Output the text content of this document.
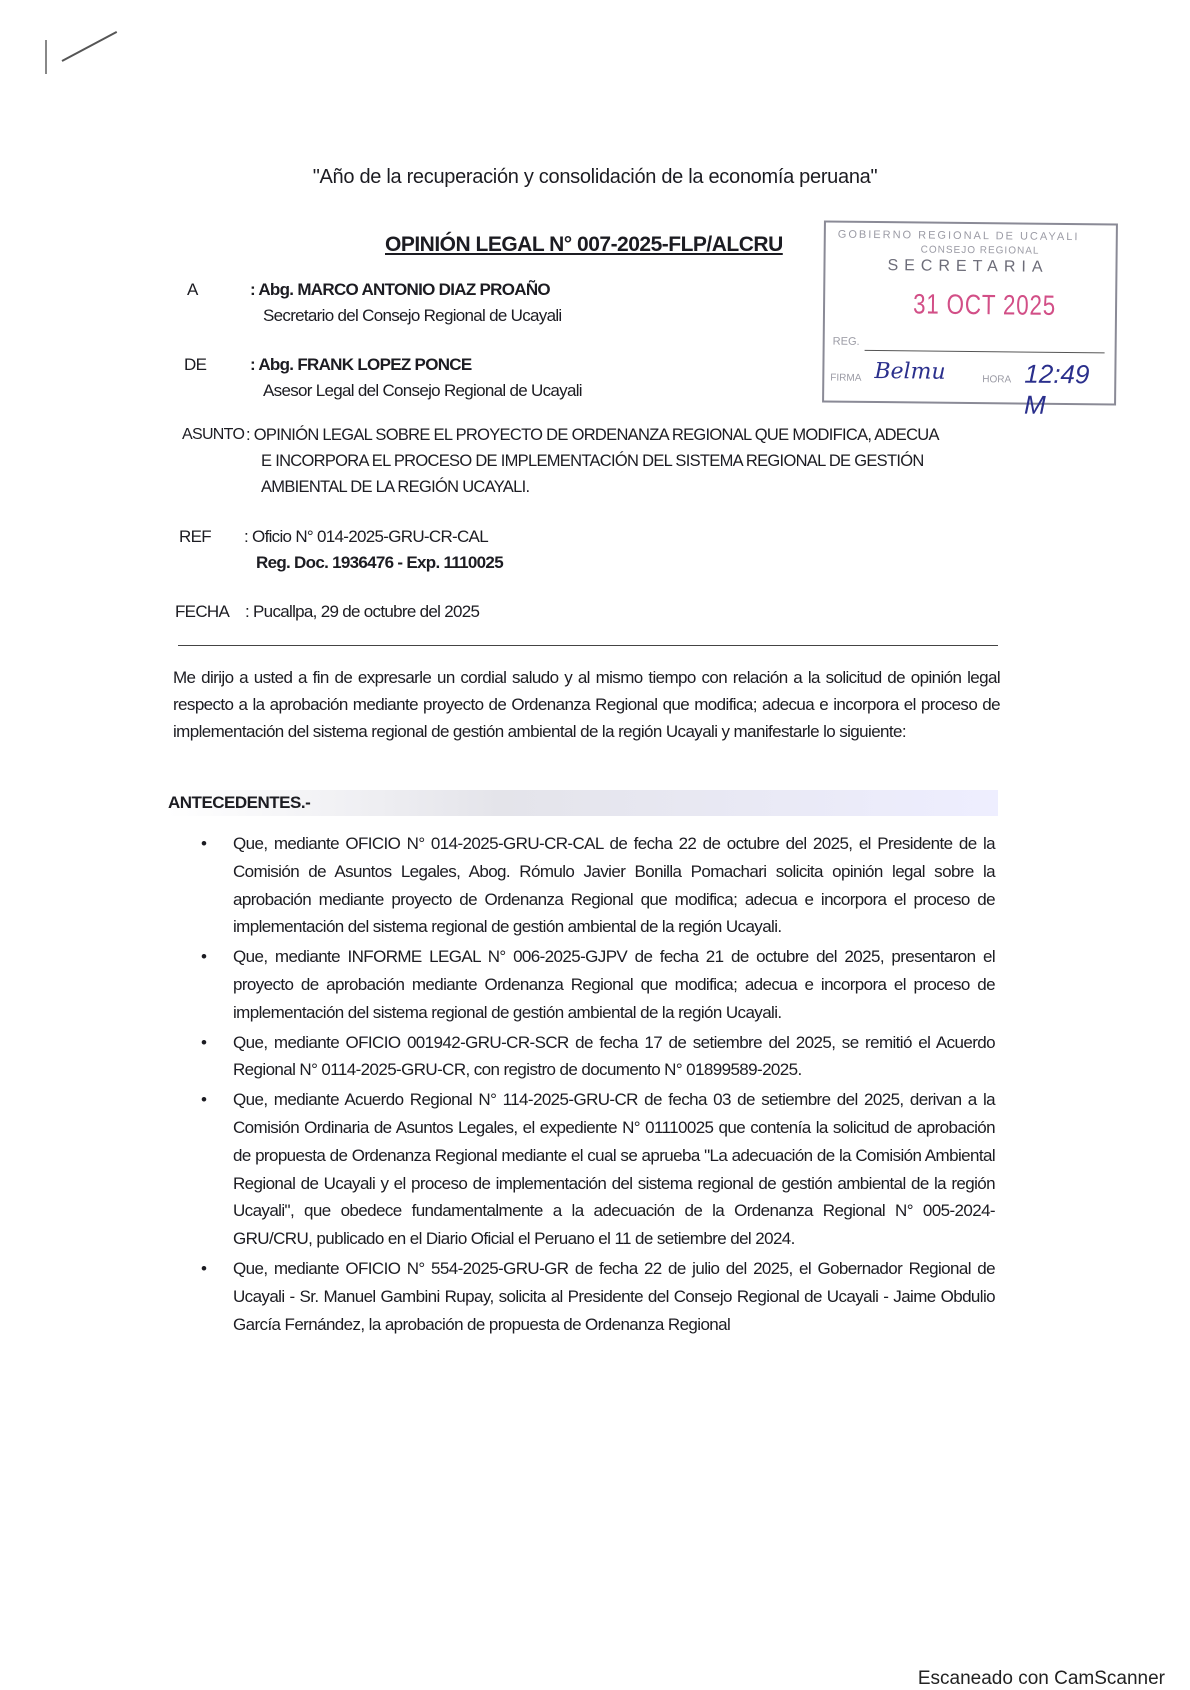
"Año de la recuperación y consolidación de la economía peruana"
OPINIÓN LEGAL N° 007-2025-FLP/ALCRU	GOBIERNO REGIONAL DE UCAYALI
CONSEJO REGIONAL
SECRETARIA
31 OCT 2025
REG.
FIRMA Belmu	HORA 12:49 M
A	: Abg. MARCO ANTONIO DIAZ PROAÑO
Secretario del Consejo Regional de Ucayali
DE	: Abg. FRANK LOPEZ PONCE
Asesor Legal del Consejo Regional de Ucayali
ASUNTO : OPINIÓN LEGAL SOBRE EL PROYECTO DE ORDENANZA REGIONAL QUE MODIFICA, ADECUA
E INCORPORA EL PROCESO DE IMPLEMENTACIÓN DEL SISTEMA REGIONAL DE GESTIÓN
AMBIENTAL DE LA REGIÓN UCAYALI.
REF : Oficio N° 014-2025-GRU-CR-CAL
Reg. Doc. 1936476 - Exp. 1110025
FECHA : Pucallpa, 29 de octubre del 2025
Me dirijo a usted a fin de expresarle un cordial saludo y al mismo tiempo con relación a la solicitud de opinión legal respecto a la aprobación mediante proyecto de Ordenanza Regional que modifica; adecua e incorpora el proceso de implementación del sistema regional de gestión ambiental de la región Ucayali y manifestarle lo siguiente:
ANTECEDENTES.-
• Que, mediante OFICIO N° 014-2025-GRU-CR-CAL de fecha 22 de octubre del 2025, el Presidente de la Comisión de Asuntos Legales, Abog. Rómulo Javier Bonilla Pomachari solicita opinión legal sobre la aprobación mediante proyecto de Ordenanza Regional que modifica; adecua e incorpora el proceso de implementación del sistema regional de gestión ambiental de la región Ucayali.
• Que, mediante INFORME LEGAL N° 006-2025-GJPV de fecha 21 de octubre del 2025, presentaron el proyecto de aprobación mediante Ordenanza Regional que modifica; adecua e incorpora el proceso de implementación del sistema regional de gestión ambiental de la región Ucayali.
• Que, mediante OFICIO 001942-GRU-CR-SCR de fecha 17 de setiembre del 2025, se remitió el Acuerdo Regional N° 0114-2025-GRU-CR, con registro de documento N° 01899589-2025.
• Que, mediante Acuerdo Regional N° 114-2025-GRU-CR de fecha 03 de setiembre del 2025, derivan a la Comisión Ordinaria de Asuntos Legales, el expediente N° 01110025 que contenía la solicitud de aprobación de propuesta de Ordenanza Regional mediante el cual se aprueba "La adecuación de la Comisión Ambiental Regional de Ucayali y el proceso de implementación del sistema regional de gestión ambiental de la región Ucayali", que obedece fundamentalmente a la adecuación de la Ordenanza Regional N° 005-2024-GRU/CRU, publicado en el Diario Oficial el Peruano el 11 de setiembre del 2024.
• Que, mediante OFICIO N° 554-2025-GRU-GR de fecha 22 de julio del 2025, el Gobernador Regional de Ucayali - Sr. Manuel Gambini Rupay, solicita al Presidente del Consejo Regional de Ucayali - Jaime Obdulio García Fernández, la aprobación de propuesta de Ordenanza Regional
Escaneado con CamScanner
